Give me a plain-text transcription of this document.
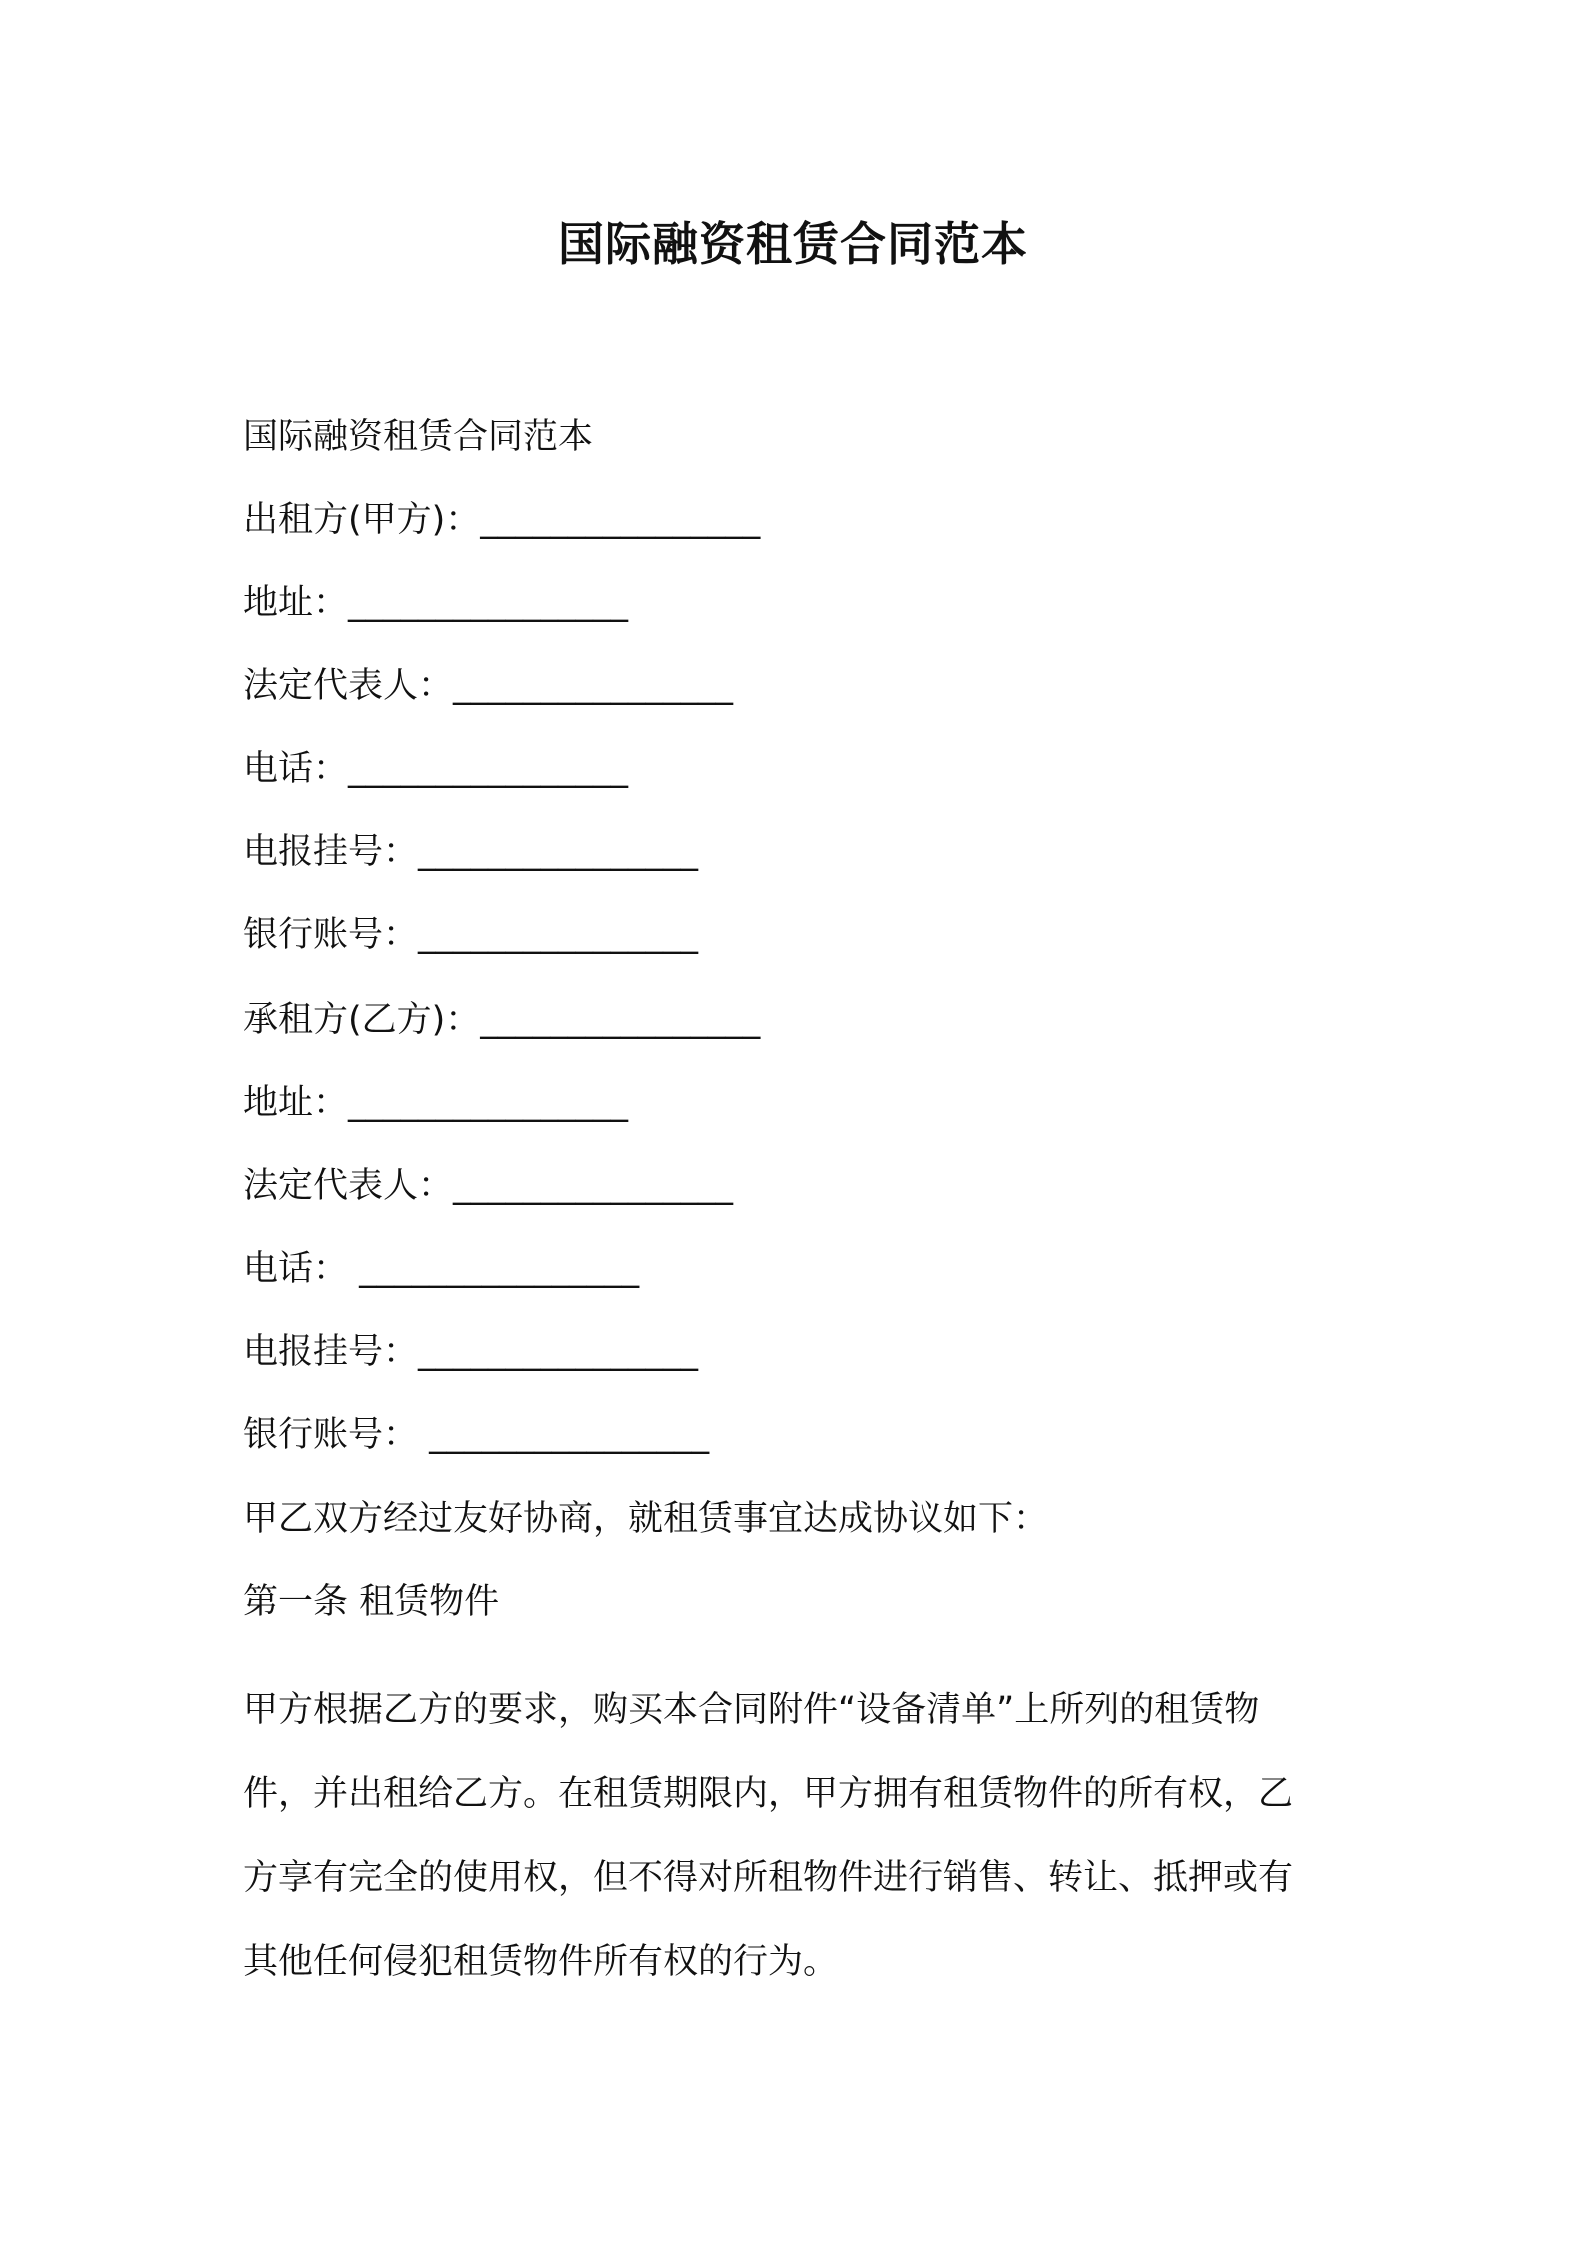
国际融资租赁合同范本
国际融资租赁合同范本
出租方(甲方)：________________
地址：________________
法定代表人：________________
电话：________________
电报挂号：________________
银行账号：________________
承租方(乙方)：________________
地址：________________
法定代表人：________________
电话： ________________
电报挂号：________________
银行账号： ________________
甲乙双方经过友好协商，就租赁事宜达成协议如下：
第一条 租赁物件
甲方根据乙方的要求，购买本合同附件“设备清单”上所列的租赁物
件，并出租给乙方。在租赁期限内，甲方拥有租赁物件的所有权，乙
方享有完全的使用权，但不得对所租物件进行销售、转让、抵押或有
其他任何侵犯租赁物件所有权的行为。
